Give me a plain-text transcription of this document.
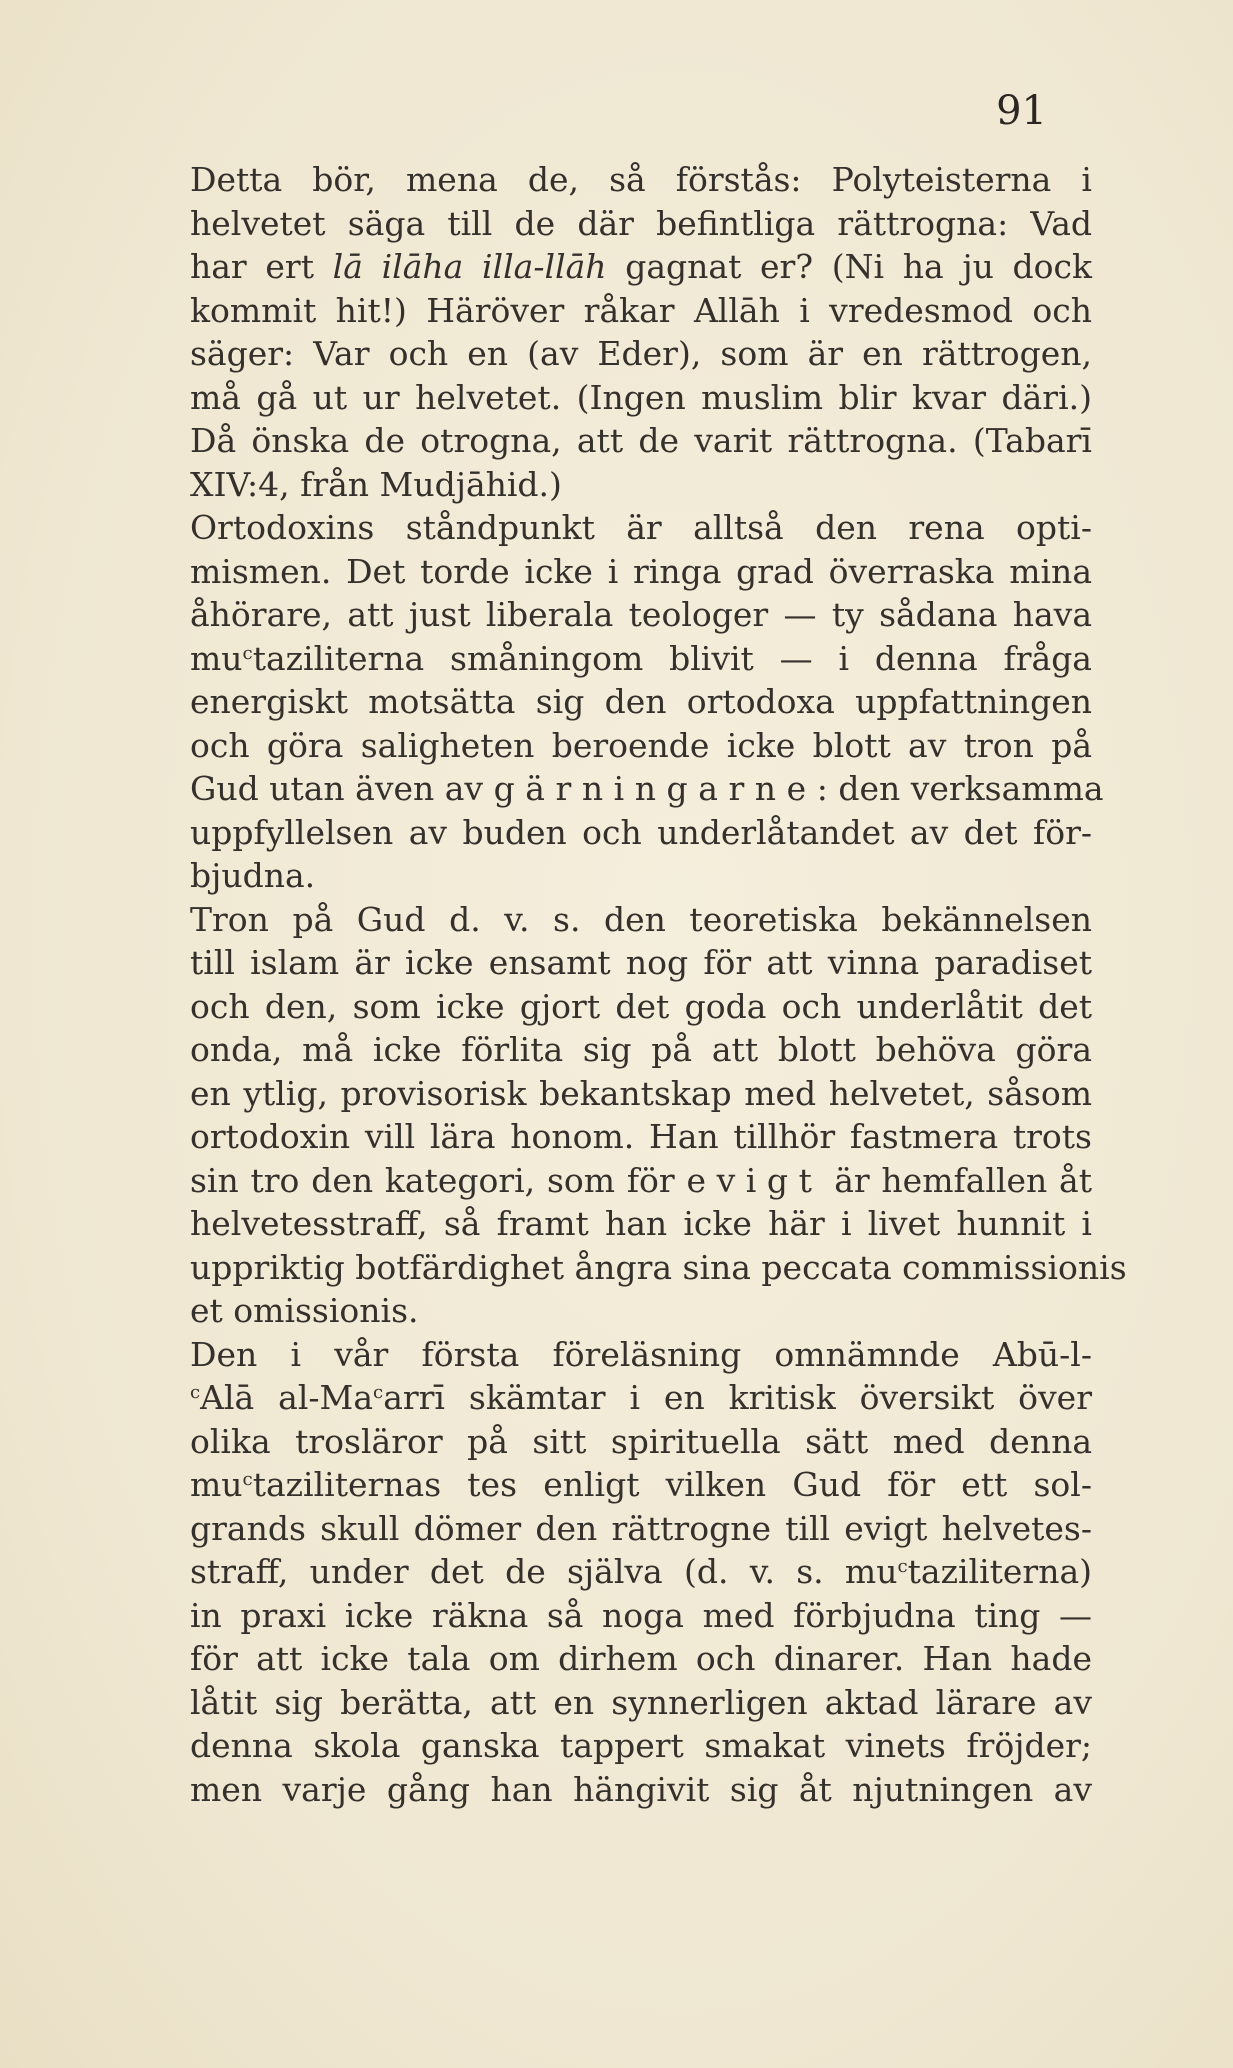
91
Detta bör, mena de, så förstås: Polyteisterna i
helvetet säga till de där befintliga rättrogna: Vad
har ert lā ilāha illa-llāh gagnat er? (Ni ha ju dock
kommit hit!) Häröver råkar Allāh i vredesmod och
säger: Var och en (av Eder), som är en rättrogen,
må gå ut ur helvetet. (Ingen muslim blir kvar däri.)
Då önska de otrogna, att de varit rättrogna. (Tabarī
XIV:4, från Mudjāhid.)
Ortodoxins ståndpunkt är alltså den rena opti-
mismen. Det torde icke i ringa grad överraska mina
åhörare, att just liberala teologer — ty sådana hava
$mu^ctaziliterna$ småningom blivit — i denna fråga
energiskt motsätta sig den ortodoxa uppfattningen
och göra saligheten beroende icke blott av tron på
Gud utan även av gärningarne: den verksamma
uppfyllelsen av buden och underlåtandet av det för-
bjudna.
Tron på Gud d. v. s. den teoretiska bekännelsen
till islam är icke ensamt nog för att vinna paradiset
och den, som icke gjort det goda och underlåtit det
onda, må icke förlita sig på att blott behöva göra
en ytlig, provisorisk bekantskap med helvetet, såsom
ortodoxin vill lära honom. Han tillhör fastmera trots
sin tro den kategori, som för evigt är hemfallen åt
helvetesstraff, så framt han icke här i livet hunnit i
uppriktig botfärdighet ångra sina peccata commissionis
et omissionis.
Den i vår första föreläsning omnämnde Abū-l-
$^c$Alā al-Ma$^c$arrī skämtar i en kritisk översikt över
olika trosläror på sitt spirituella sätt med denna
$mu^ctaziliternas$ tes enligt vilken Gud för ett sol-
grands skull dömer den rättrogne till evigt helvetes-
straff, under det de själva (d. v. s. $mu^ctaziliterna$)
in praxi icke räkna så noga med förbjudna ting —
för att icke tala om dirhem och dinarer. Han hade
låtit sig berätta, att en synnerligen aktad lärare av
denna skola ganska tappert smakat vinets fröjder;
men varje gång han hängivit sig åt njutningen av
